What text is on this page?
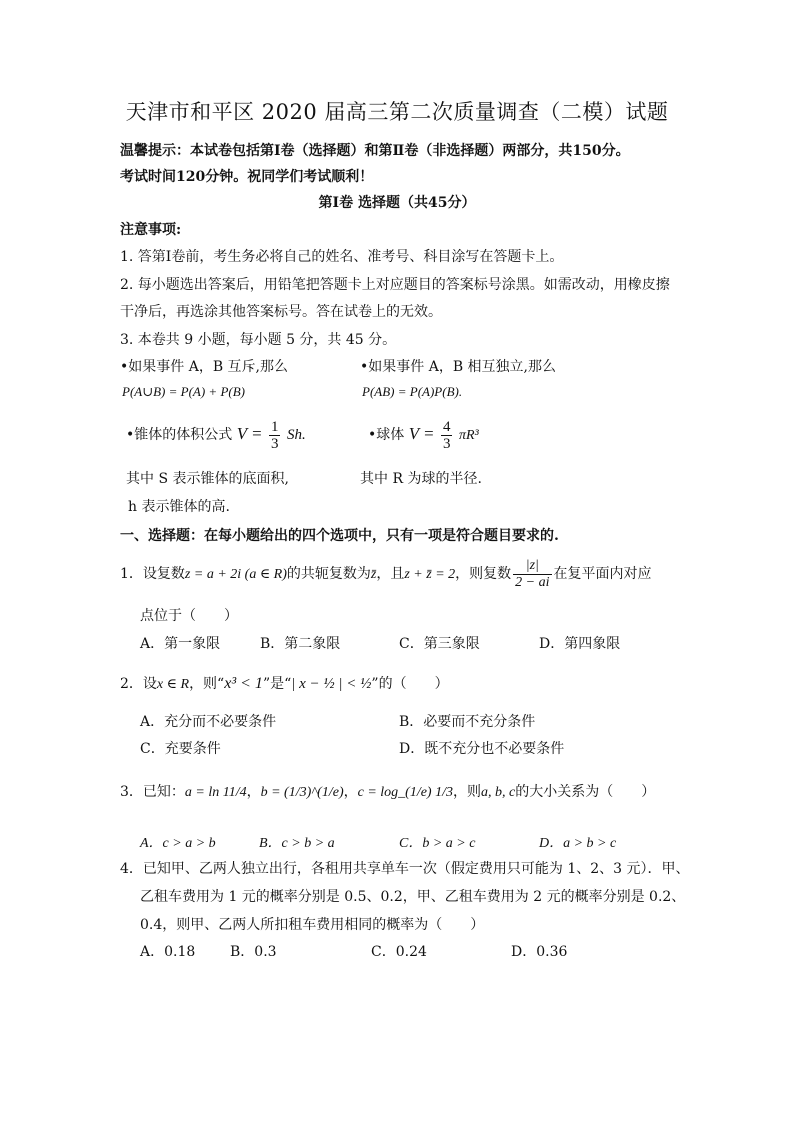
天津市和平区 2020 届高三第二次质量调查（二模）试题
温馨提示：本试卷包括第Ⅰ卷（选择题）和第Ⅱ卷（非选择题）两部分，共150分。
考试时间120分钟。祝同学们考试顺利！
第Ⅰ卷 选择题（共45分）
注意事项:
1. 答第Ⅰ卷前，考生务必将自己的姓名、准考号、科目涂写在答题卡上。
2. 每小题选出答案后，用铅笔把答题卡上对应题目的答案标号涂黑。如需改动，用橡皮擦
干净后，再选涂其他答案标号。答在试卷上的无效。
3. 本卷共 9 小题，每小题 5 分，共 45 分。
•如果事件 A，B 互斥,那么
P(A∪B) = P(A) + P(B)
•如果事件 A，B 相互独立,那么
P(AB) = P(A)P(B).
•锥体的体积公式 $V = \frac{1}{3} Sh$.	•球体 $V = \frac{4}{3} \pi R^3$
其中 S 表示锥体的底面积,
h 表示锥体的高.
其中 R 为球的半径.
一、选择题：在每小题给出的四个选项中，只有一项是符合题目要求的.
1．设复数z = a + 2i (a ∈ R)的共轭复数为z̄，且z + z̄ = 2，则复数 $\frac{|z|}{2 - ai}$ 在复平面内对应
点位于（　　）
A．第一象限	B．第二象限	C．第三象限	D．第四象限
2．设x ∈ R，则“x³ < 1”是“| x − ½ | < ½”的（　　）
A．充分而不必要条件	B．必要而不充分条件
C．充要条件	D．既不充分也不必要条件
3．已知：a = ln 11/4，b = (1/3)^(1/e)，c = log_(1/e) 1/3，则a, b, c的大小关系为（　　）
A．c > a > b	B．c > b > a	C．b > a > c	D．a > b > c
4．已知甲、乙两人独立出行，各租用共享单车一次（假定费用只可能为 1、2、3 元）．甲、
乙租车费用为 1 元的概率分别是 0.5、0.2，甲、乙租车费用为 2 元的概率分别是 0.2、
0.4，则甲、乙两人所扣租车费用相同的概率为（　　）
A．0.18 B．0.3	C．0.24	D．0.36
